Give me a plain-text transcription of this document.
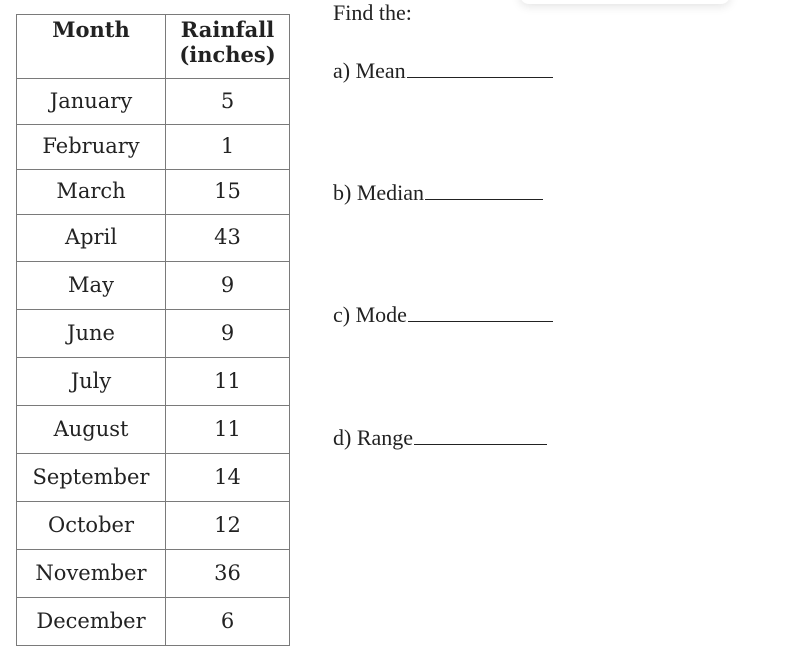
Month	Rainfall
(inches)
January	5
February	1
March	15
April	43
May	9
June	9
July	11
August	11
September	14
October	12
November	36
December	6
Find the:
a) Mean
b) Median
c) Mode
d) Range
